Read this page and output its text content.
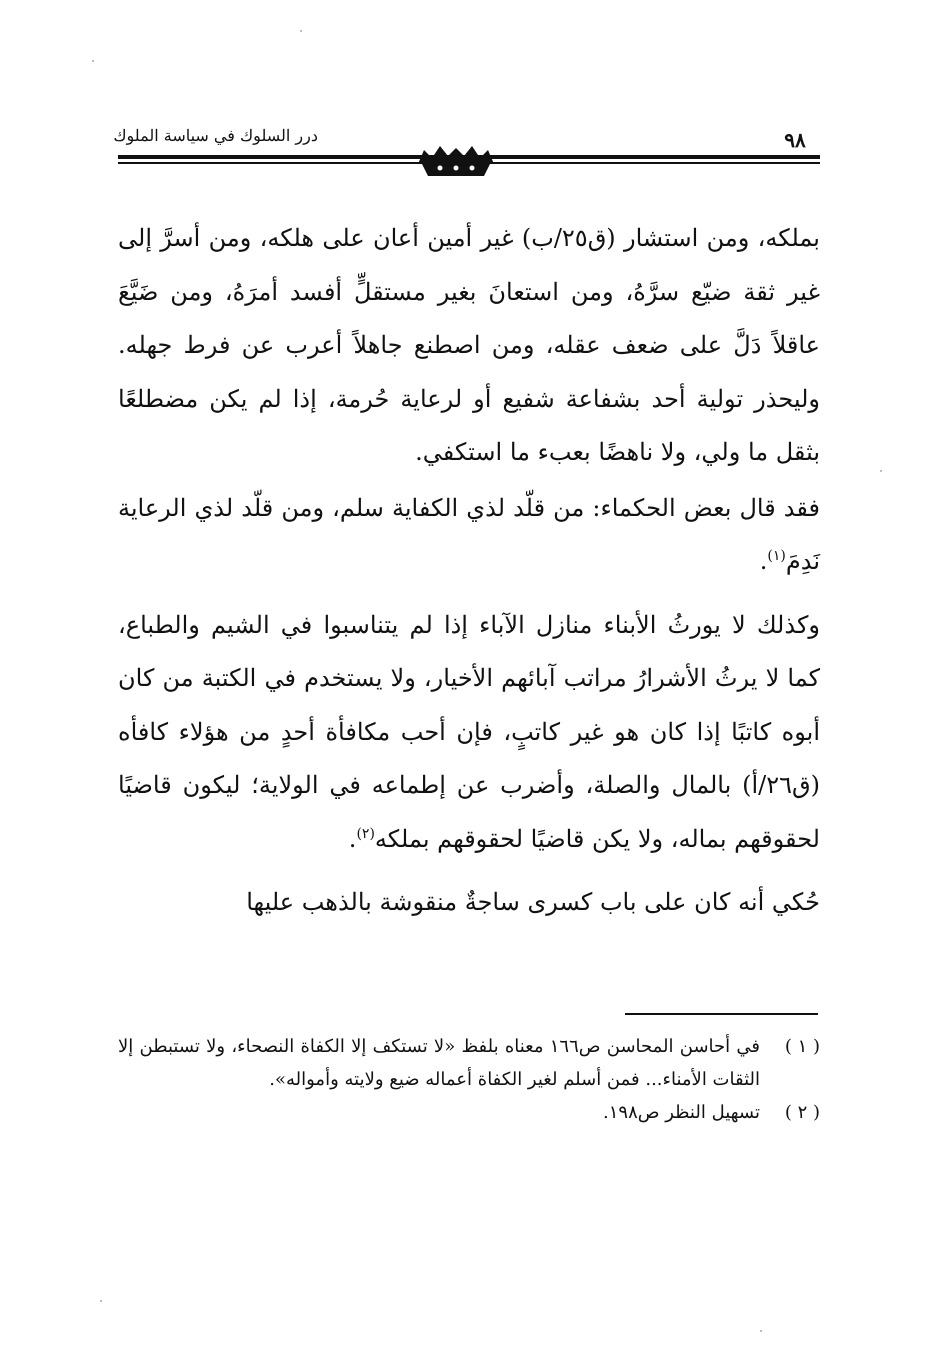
درر السلوك في سياسة الملوك	٩٨

بملكه، ومن استشار (ق٢٥/ب) غير أمين أعان على هلكه، ومن أسرَّ إلى غير ثقة ضيّع سرَّهُ، ومن استعانَ بغير مستقلٍّ أفسد أمرَهُ، ومن ضَيَّعَ عاقلاً دَلَّ على ضعف عقله، ومن اصطنع جاهلاً أعرب عن فرط جهله. وليحذر تولية أحد بشفاعة شفيع أو لرعاية حُرمة، إذا لم يكن مضطلعًا بثقل ما ولي، ولا ناهضًا بعبء ما استكفي.

فقد قال بعض الحكماء: من قلّد لذي الكفاية سلم، ومن قلّد لذي الرعاية نَدِمَ$^{(١)}$.

وكذلك لا يورثُ الأبناء منازل الآباء إذا لم يتناسبوا في الشيم والطباع، كما لا يرثُ الأشرارُ مراتب آبائهم الأخيار، ولا يستخدم في الكتبة من كان أبوه كاتبًا إذا كان هو غير كاتبٍ، فإن أحب مكافأة أحدٍ من هؤلاء كافأه (ق٢٦/أ) بالمال والصلة، وأضرب عن إطماعه في الولاية؛ ليكون قاضيًا لحقوقهم بماله، ولا يكن قاضيًا لحقوقهم بملكه$^{(٢)}$.

حُكي أنه كان على باب كسرى ساجةٌ منقوشة بالذهب عليها

( ١ )
في أحاسن المحاسن ص١٦٦ معناه بلفظ «لا تستكف إلا الكفاة النصحاء، ولا تستبطن إلا الثقات الأمناء... فمن أسلم لغير الكفاة أعماله ضيع ولايته وأمواله».
( ٢ )
تسهيل النظر ص١٩٨.
